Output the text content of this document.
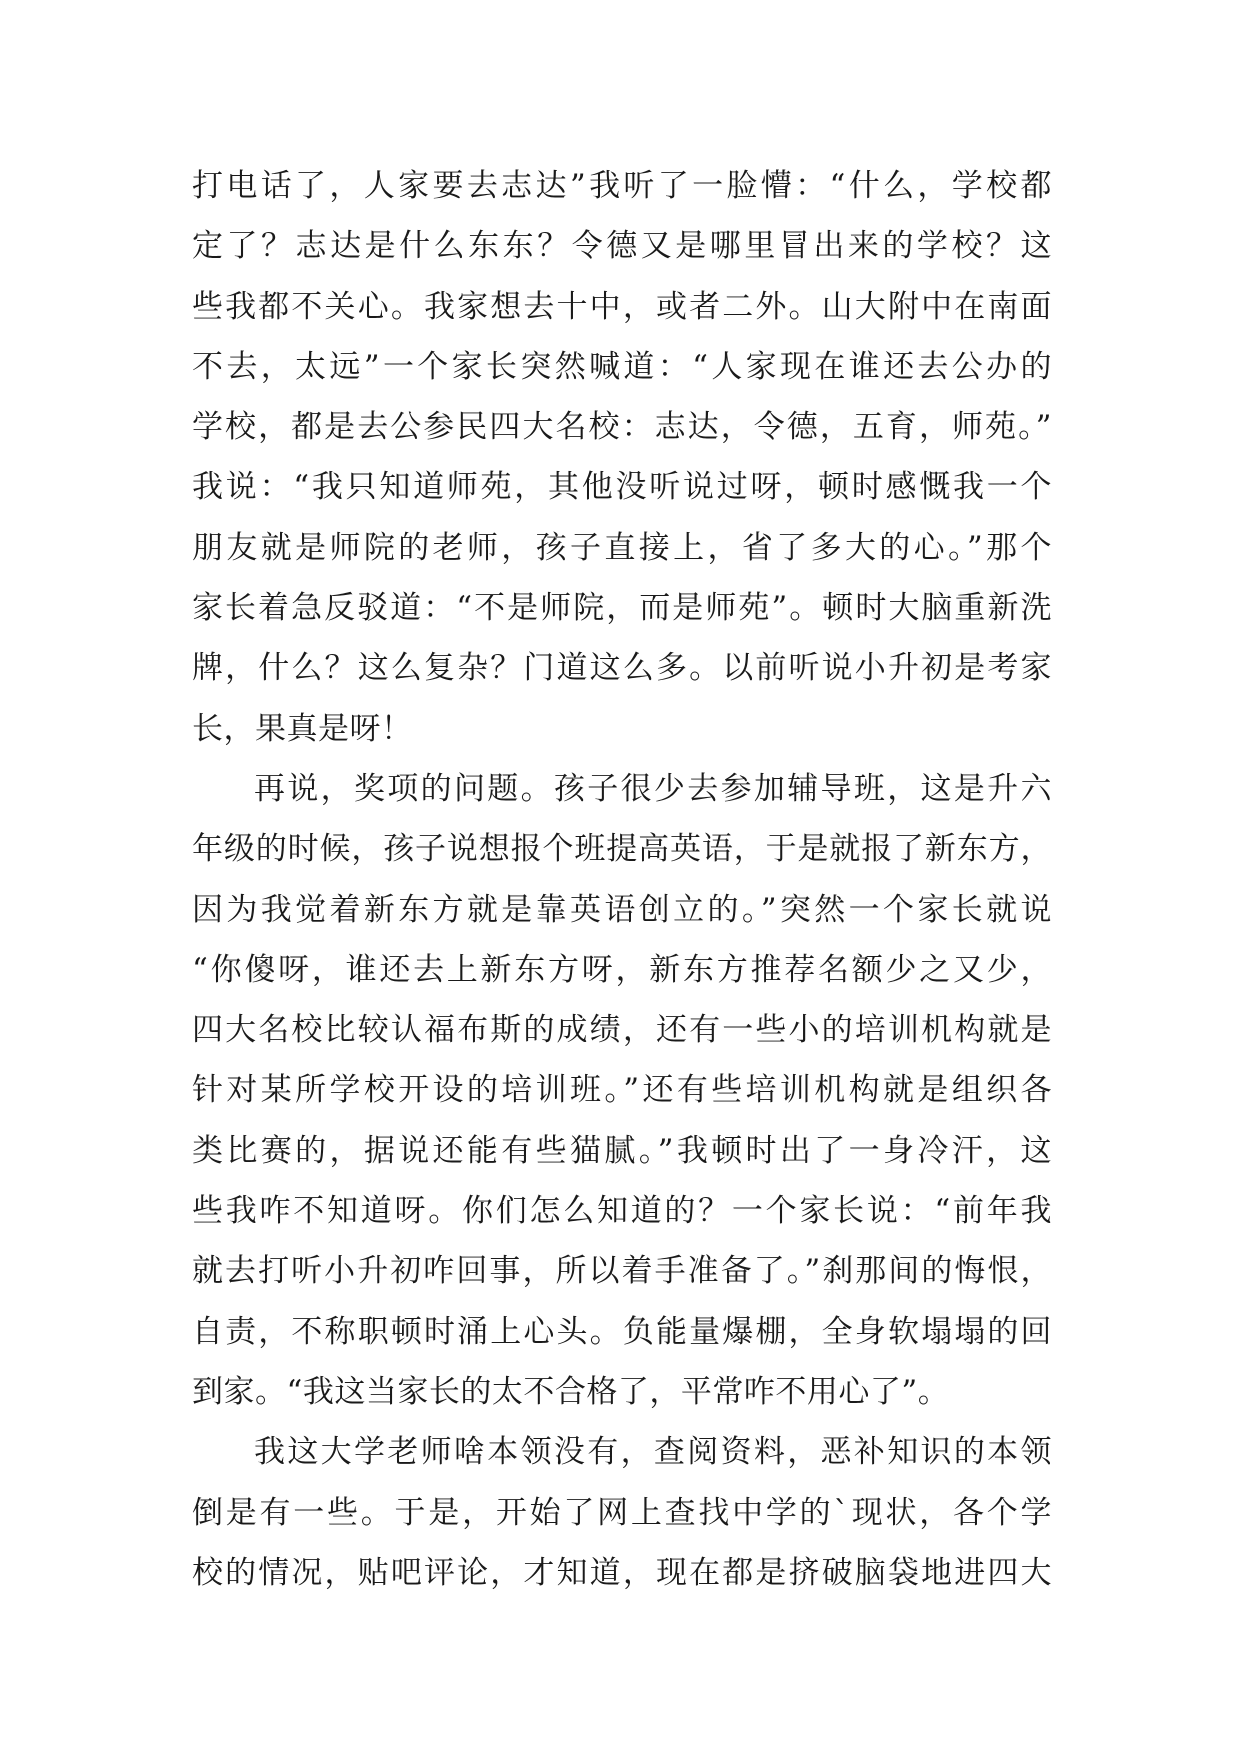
打电话了，人家要去志达”我听了一脸懵：“什么，学校都
定了？志达是什么东东？令德又是哪里冒出来的学校？这
些我都不关心。我家想去十中，或者二外。山大附中在南面
不去，太远”一个家长突然喊道：“人家现在谁还去公办的
学校，都是去公参民四大名校：志达，令德，五育，师苑。”
我说：“我只知道师苑，其他没听说过呀，顿时感慨我一个
朋友就是师院的老师，孩子直接上，省了多大的心。”那个
家长着急反驳道：“不是师院，而是师苑”。顿时大脑重新洗
牌，什么？这么复杂？门道这么多。以前听说小升初是考家
长，果真是呀！
再说，奖项的问题。孩子很少去参加辅导班，这是升六
年级的时候，孩子说想报个班提高英语，于是就报了新东方，
因为我觉着新东方就是靠英语创立的。”突然一个家长就说
“你傻呀，谁还去上新东方呀，新东方推荐名额少之又少，
四大名校比较认福布斯的成绩，还有一些小的培训机构就是
针对某所学校开设的培训班。”还有些培训机构就是组织各
类比赛的，据说还能有些猫腻。”我顿时出了一身冷汗，这
些我咋不知道呀。你们怎么知道的？一个家长说：“前年我
就去打听小升初咋回事，所以着手准备了。”刹那间的悔恨，
自责，不称职顿时涌上心头。负能量爆棚，全身软塌塌的回
到家。“我这当家长的太不合格了，平常咋不用心了”。
我这大学老师啥本领没有，查阅资料，恶补知识的本领
倒是有一些。于是，开始了网上查找中学的`现状，各个学
校的情况，贴吧评论，才知道，现在都是挤破脑袋地进四大
